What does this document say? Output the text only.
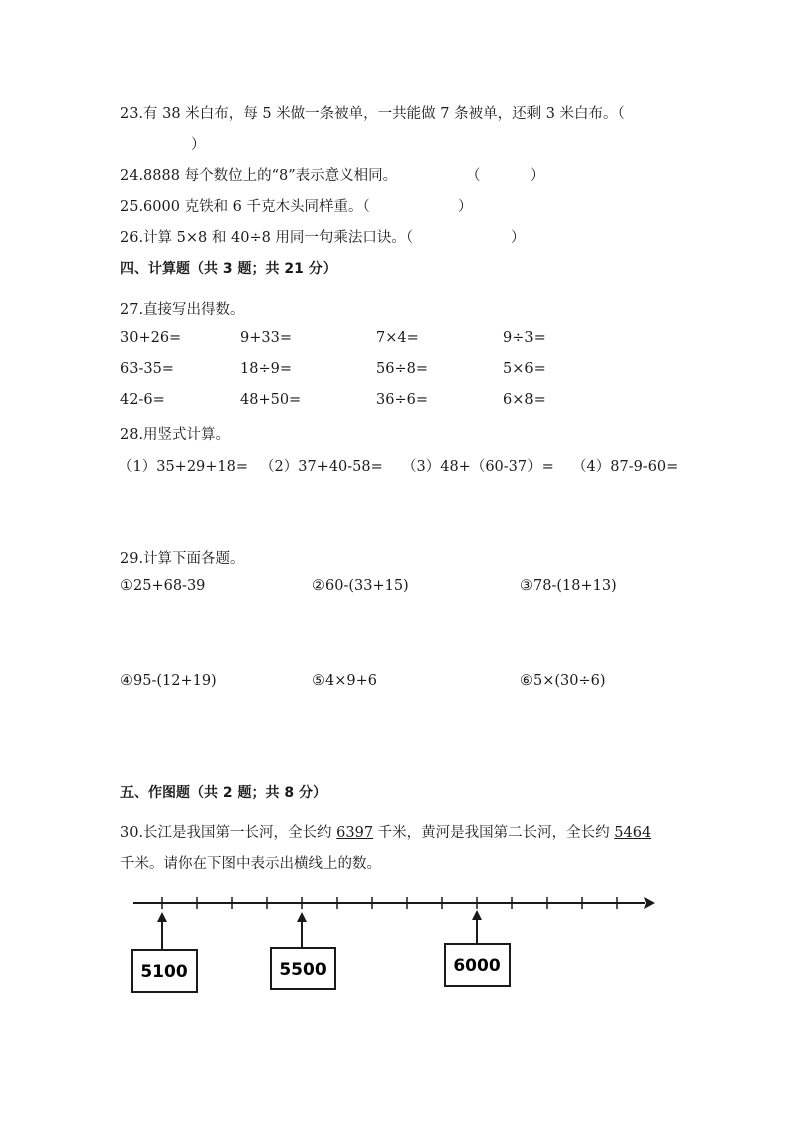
23.有 38 米白布，每 5 米做一条被单，一共能做 7 条被单，还剩 3 米白布。（
）
24.8888 每个数位上的“8”表示意义相同。	（	）
25.6000 克铁和 6 千克木头同样重。（	）
26.计算 5×8 和 40÷8 用同一句乘法口诀。（	）
四、计算题（共 3 题；共 21 分）
27.直接写出得数。
30+26=	9+33=	7×4=	9÷3=
63-35=	18÷9=	56÷8=	5×6=
42-6=	48+50=	36÷6=	6×8=
28.用竖式计算。
（1）35+29+18= （2）37+40-58= （3）48+（60-37）= （4）87-9-60=
29.计算下面各题。
①25+68-39	②60-(33+15)	③78-(18+13)
④95-(12+19)	⑤4×9+6	⑥5×(30÷6)
五、作图题（共 2 题；共 8 分）
30.长江是我国第一长河，全长约 6397 千米，黄河是我国第二长河，全长约 5464
千米。请你在下图中表示出横线上的数。
5100	5500	6000
